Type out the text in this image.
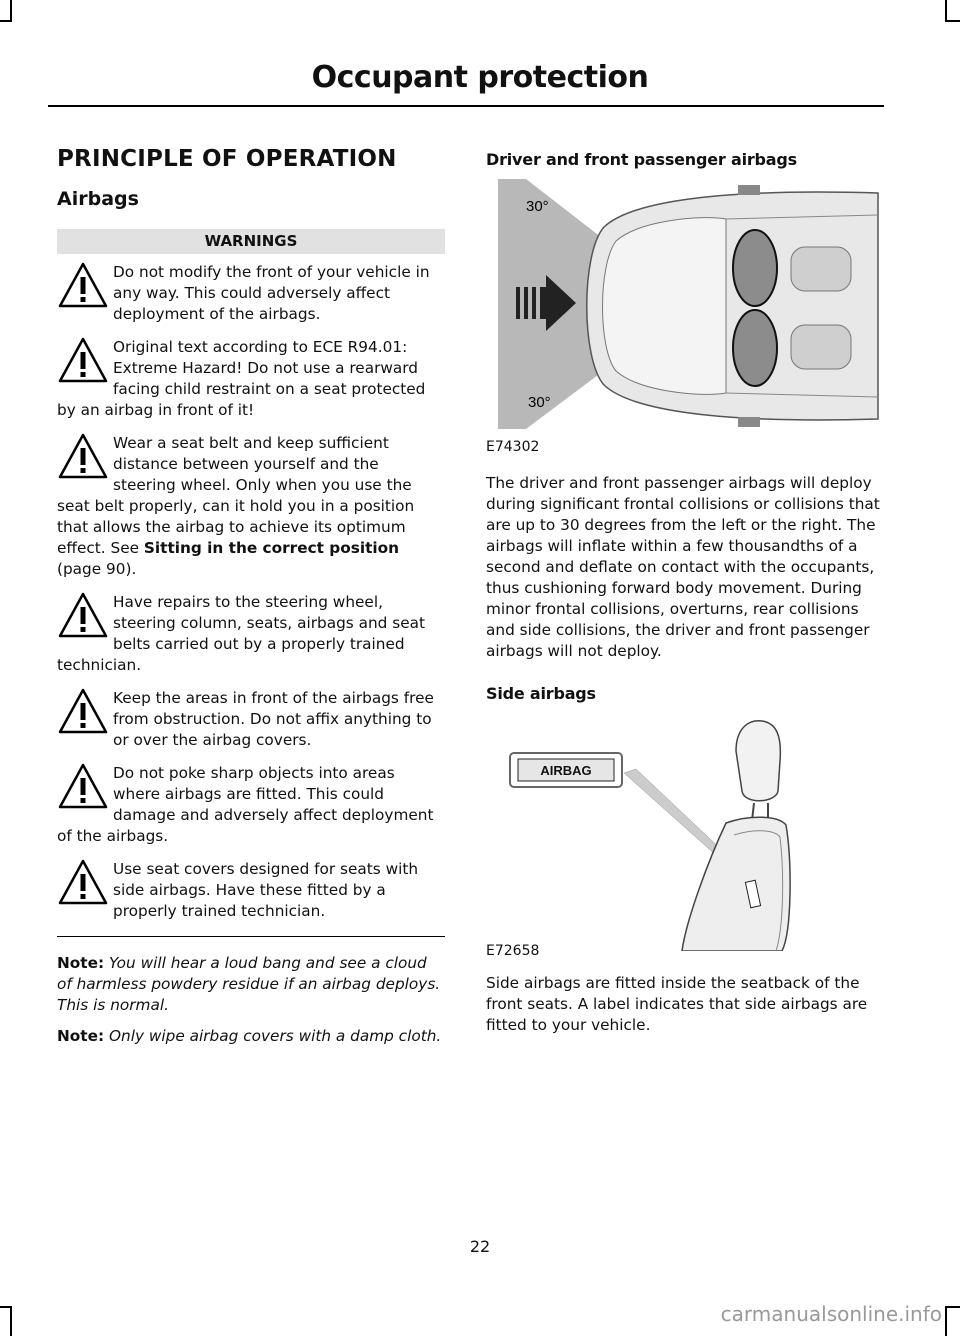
Occupant protection
PRINCIPLE OF OPERATION
Airbags
WARNINGS
Do not modify the front of your vehicle in any way. This could adversely affect deployment of the airbags.
Original text according to ECE R94.01: Extreme Hazard! Do not use a rearward facing child restraint on a seat protected by an airbag in front of it!
Wear a seat belt and keep sufficient distance between yourself and the steering wheel. Only when you use the seat belt properly, can it hold you in a position that allows the airbag to achieve its optimum effect. See Sitting in the correct position (page 90).
Have repairs to the steering wheel, steering column, seats, airbags and seat belts carried out by a properly trained technician.
Keep the areas in front of the airbags free from obstruction. Do not affix anything to or over the airbag covers.
Do not poke sharp objects into areas where airbags are fitted. This could damage and adversely affect deployment of the airbags.
Use seat covers designed for seats with side airbags. Have these fitted by a properly trained technician.
Note: You will hear a loud bang and see a cloud of harmless powdery residue if an airbag deploys. This is normal.
Note: Only wipe airbag covers with a damp cloth.
Driver and front passenger airbags
30°
30°
E74302
The driver and front passenger airbags will deploy during significant frontal collisions or collisions that are up to 30 degrees from the left or the right. The airbags will inflate within a few thousandths of a second and deflate on contact with the occupants, thus cushioning forward body movement. During minor frontal collisions, overturns, rear collisions and side collisions, the driver and front passenger airbags will not deploy.
Side airbags
AIRBAG
E72658
Side airbags are fitted inside the seatback of the front seats. A label indicates that side airbags are fitted to your vehicle.
22
carmanualsonline.info
